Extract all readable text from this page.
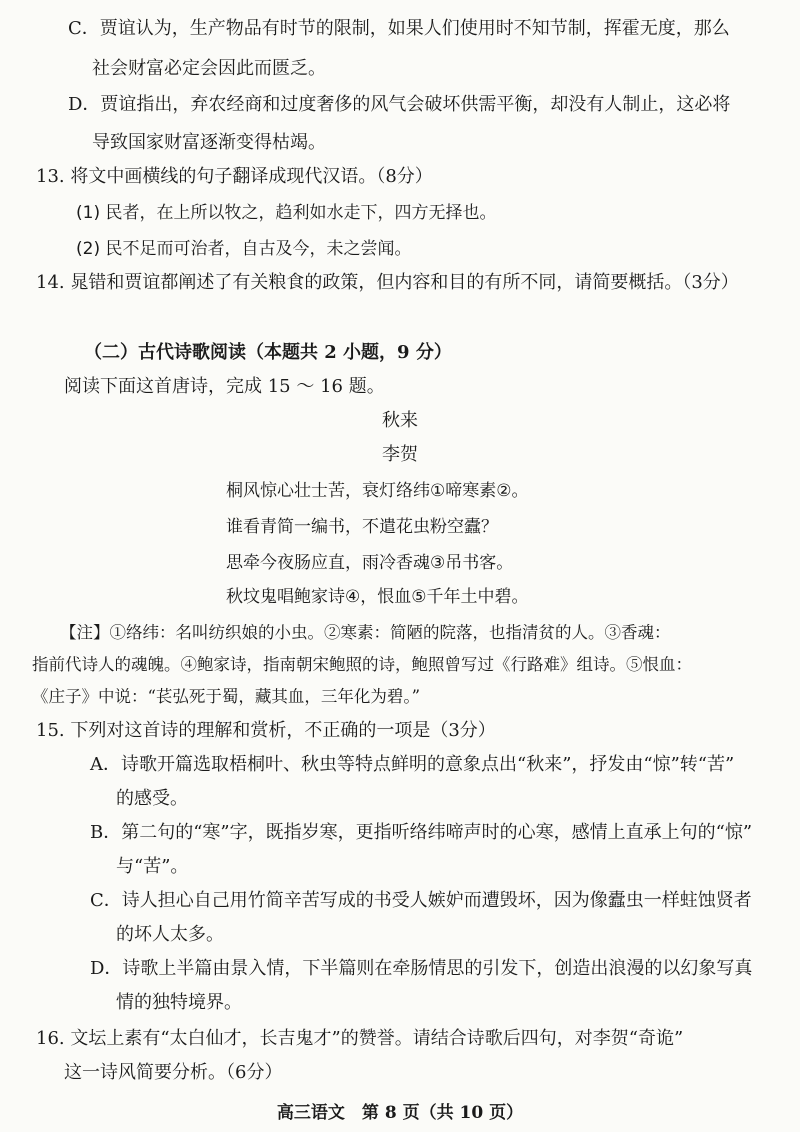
C．贾谊认为，生产物品有时节的限制，如果人们使用时不知节制，挥霍无度，那么
社会财富必定会因此而匮乏。
D．贾谊指出，弃农经商和过度奢侈的风气会破坏供需平衡，却没有人制止，这必将
导致国家财富逐渐变得枯竭。
13. 将文中画横线的句子翻译成现代汉语。（8分）
(1) 民者，在上所以牧之，趋利如水走下，四方无择也。
(2) 民不足而可治者，自古及今，未之尝闻。
14. 晁错和贾谊都阐述了有关粮食的政策，但内容和目的有所不同，请简要概括。（3分）
（二）古代诗歌阅读（本题共 2 小题，9 分）
阅读下面这首唐诗，完成 15 ～ 16 题。
秋来
李贺
桐风惊心壮士苦，衰灯络纬①啼寒素②。
谁看青简一编书，不遣花虫粉空蠹？
思牵今夜肠应直，雨冷香魂③吊书客。
秋坟鬼唱鲍家诗④，恨血⑤千年土中碧。
【注】①络纬：名叫纺织娘的小虫。②寒素：简陋的院落，也指清贫的人。③香魂：
指前代诗人的魂魄。④鲍家诗，指南朝宋鲍照的诗，鲍照曾写过《行路难》组诗。⑤恨血：
《庄子》中说：“苌弘死于蜀，藏其血，三年化为碧。”
15. 下列对这首诗的理解和赏析，不正确的一项是（3分）
A．诗歌开篇选取梧桐叶、秋虫等特点鲜明的意象点出“秋来”，抒发由“惊”转“苦”
的感受。
B．第二句的“寒”字，既指岁寒，更指听络纬啼声时的心寒，感情上直承上句的“惊”
与“苦”。
C．诗人担心自己用竹简辛苦写成的书受人嫉妒而遭毁坏，因为像蠹虫一样蛀蚀贤者
的坏人太多。
D．诗歌上半篇由景入情，下半篇则在牵肠情思的引发下，创造出浪漫的以幻象写真
情的独特境界。
16. 文坛上素有“太白仙才，长吉鬼才”的赞誉。请结合诗歌后四句，对李贺“奇诡”
这一诗风简要分析。（6分）
高三语文　第 8 页（共 10 页）
